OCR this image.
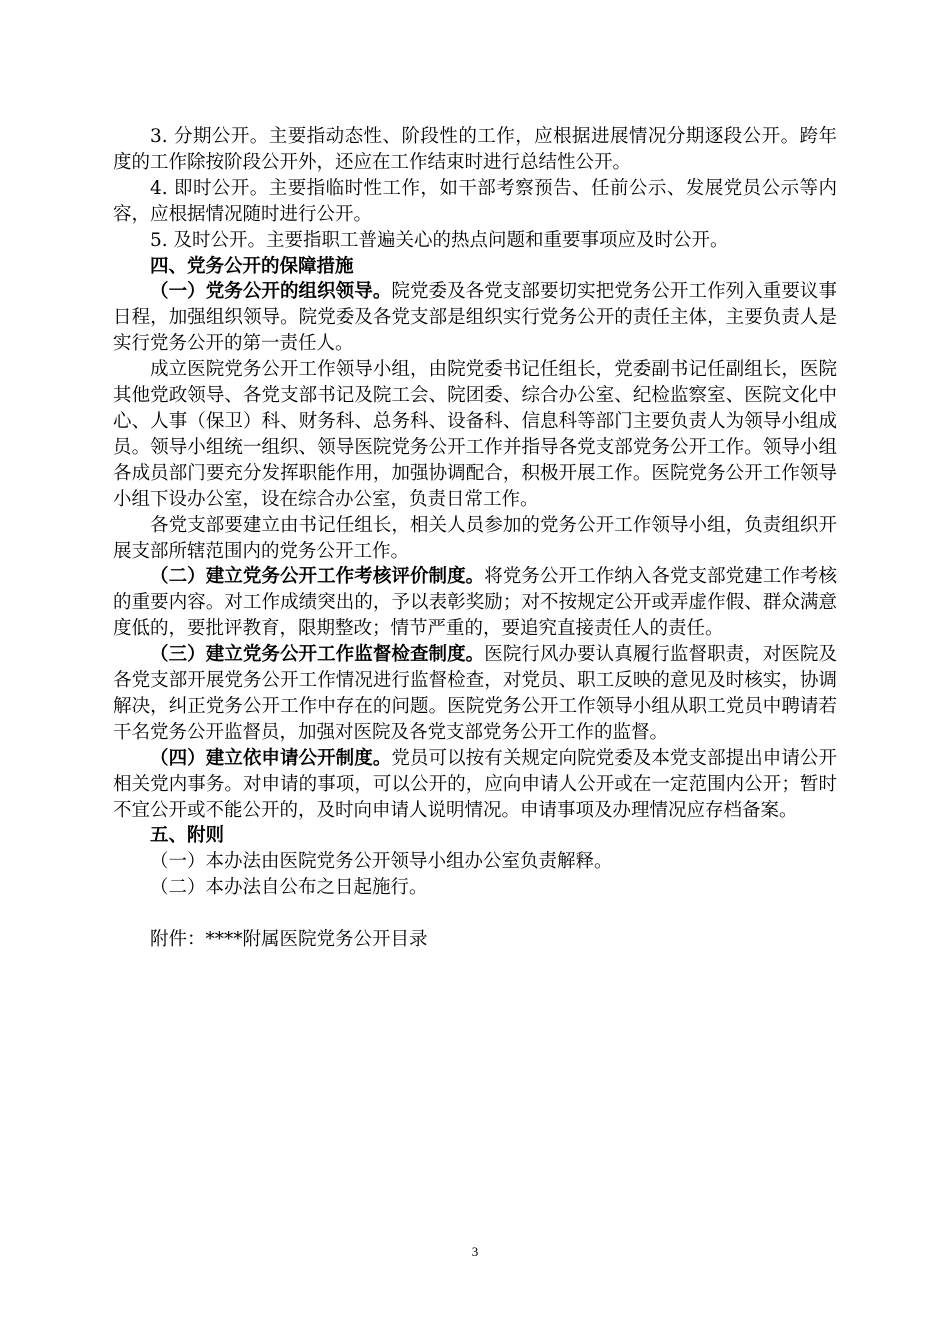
3. 分期公开。主要指动态性、阶段性的工作，应根据进展情况分期逐段公开。跨年度的工作除按阶段公开外，还应在工作结束时进行总结性公开。

4. 即时公开。主要指临时性工作，如干部考察预告、任前公示、发展党员公示等内容，应根据情况随时进行公开。

5. 及时公开。主要指职工普遍关心的热点问题和重要事项应及时公开。

四、党务公开的保障措施

（一）党务公开的组织领导。院党委及各党支部要切实把党务公开工作列入重要议事日程，加强组织领导。院党委及各党支部是组织实行党务公开的责任主体，主要负责人是实行党务公开的第一责任人。

成立医院党务公开工作领导小组，由院党委书记任组长，党委副书记任副组长，医院其他党政领导、各党支部书记及院工会、院团委、综合办公室、纪检监察室、医院文化中心、人事（保卫）科、财务科、总务科、设备科、信息科等部门主要负责人为领导小组成员。领导小组统一组织、领导医院党务公开工作并指导各党支部党务公开工作。领导小组各成员部门要充分发挥职能作用，加强协调配合，积极开展工作。医院党务公开工作领导小组下设办公室，设在综合办公室，负责日常工作。

各党支部要建立由书记任组长，相关人员参加的党务公开工作领导小组，负责组织开展支部所辖范围内的党务公开工作。

（二）建立党务公开工作考核评价制度。将党务公开工作纳入各党支部党建工作考核的重要内容。对工作成绩突出的，予以表彰奖励；对不按规定公开或弄虚作假、群众满意度低的，要批评教育，限期整改；情节严重的，要追究直接责任人的责任。

（三）建立党务公开工作监督检查制度。医院行风办要认真履行监督职责，对医院及各党支部开展党务公开工作情况进行监督检查，对党员、职工反映的意见及时核实，协调解决，纠正党务公开工作中存在的问题。医院党务公开工作领导小组从职工党员中聘请若干名党务公开监督员，加强对医院及各党支部党务公开工作的监督。

（四）建立依申请公开制度。党员可以按有关规定向院党委及本党支部提出申请公开相关党内事务。对申请的事项，可以公开的，应向申请人公开或在一定范围内公开；暂时不宜公开或不能公开的，及时向申请人说明情况。申请事项及办理情况应存档备案。

五、附则

（一）本办法由医院党务公开领导小组办公室负责解释。

（二）本办法自公布之日起施行。

附件：****附属医院党务公开目录

3
